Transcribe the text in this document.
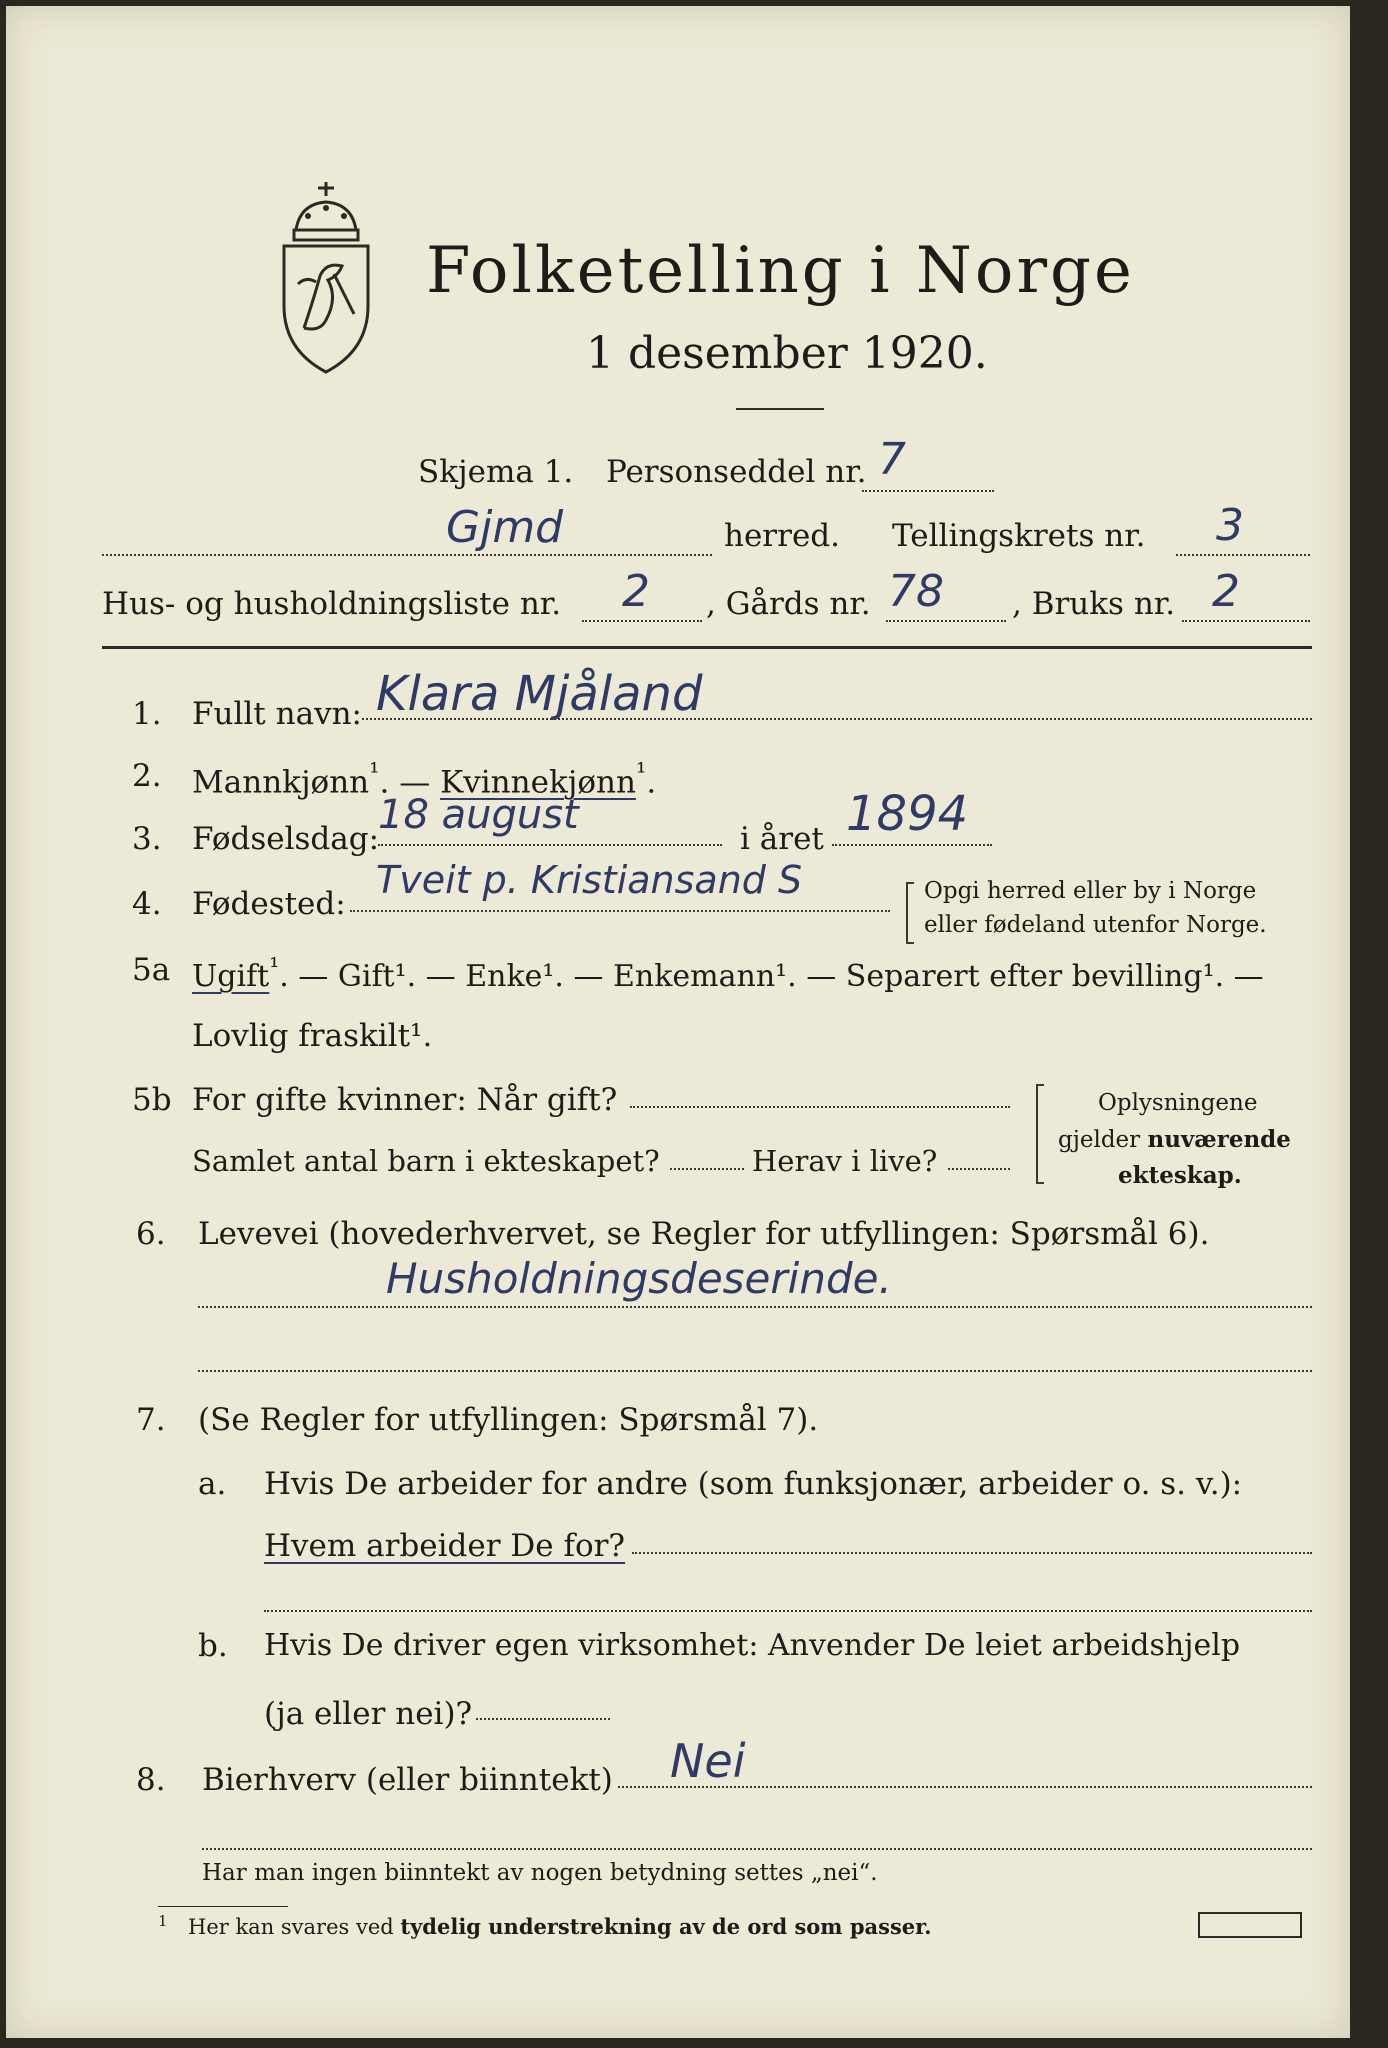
Folketelling i Norge
1 desember 1920.
Skjema 1. Personseddel nr. 7
Gjmd	herred. Tellingskrets nr. 3
Hus- og husholdningsliste nr. 2 , Gårds nr. 78 , Bruks nr. 2
1. Fullt navn: Klara Mjåland
2. Mannkjønn$^{^1}$. — Kvinnekjønn$^{^1}$.
3. Fødselsdag:
18 august
i året 1894
4. Fødested:
Tveit p. Kristiansand S	Opgi herred eller by i Norge
eller fødeland utenfor Norge.
5a Ugift$^{^1}$. — Gift¹. — Enke¹. — Enkemann¹. — Separert efter bevilling¹. —
Lovlig fraskilt¹.
5b For gifte kvinner: Når gift?
Samlet antal barn i ekteskapet?	Herav i live?
Oplysningene
gjelder nuværende
ekteskap.
6. Levevei (hovederhvervet, se Regler for utfyllingen: Spørsmål 6).
Husholdningsdeserinde.
7. (Se Regler for utfyllingen: Spørsmål 7).
a. Hvis De arbeider for andre (som funksjonær, arbeider o. s. v.):
Hvem arbeider De for?
b. Hvis De driver egen virksomhet: Anvender De leiet arbeidshjelp
(ja eller nei)?
8. Bierhverv (eller biinntekt) Nei
Har man ingen biinntekt av nogen betydning settes „nei“.
1 Her kan svares ved tydelig understrekning av de ord som passer.
